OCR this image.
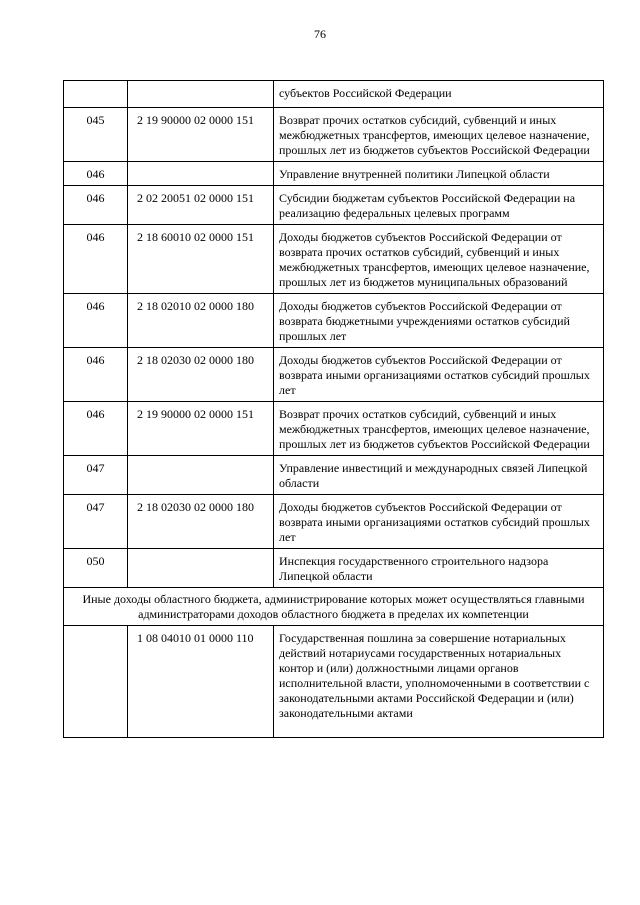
76
		субъектов Российской Федерации
045	2 19 90000 02 0000 151	Возврат прочих остатков субсидий, субвенций и иных межбюджетных трансфертов, имеющих целевое назначение, прошлых лет из бюджетов субъектов Российской Федерации
046		Управление внутренней политики Липецкой области
046	2 02 20051 02 0000 151	Субсидии бюджетам субъектов Российской Федерации на реализацию федеральных целевых программ
046	2 18 60010 02 0000 151	Доходы бюджетов субъектов Российской Федерации от возврата прочих остатков субсидий, субвенций и иных межбюджетных трансфертов, имеющих целевое назначение, прошлых лет из бюджетов муниципальных образований
046	2 18 02010 02 0000 180	Доходы бюджетов субъектов Российской Федерации от возврата бюджетными учреждениями остатков субсидий прошлых лет
046	2 18 02030 02 0000 180	Доходы бюджетов субъектов Российской Федерации от возврата иными организациями остатков субсидий прошлых лет
046	2 19 90000 02 0000 151	Возврат прочих остатков субсидий, субвенций и иных межбюджетных трансфертов, имеющих целевое назначение, прошлых лет из бюджетов субъектов Российской Федерации
047		Управление инвестиций и международных связей Липецкой области
047	2 18 02030 02 0000 180	Доходы бюджетов субъектов Российской Федерации от возврата иными организациями остатков субсидий прошлых лет
050		Инспекция государственного строительного надзора Липецкой области
Иные доходы областного бюджета, администрирование которых может осуществляться главными администраторами доходов областного бюджета в пределах их компетенции		
	1 08 04010 01 0000 110	Государственная пошлина за совершение нотариальных действий нотариусами государственных нотариальных контор и (или) должностными лицами органов исполнительной власти, уполномоченными в соответствии с законодательными актами Российской Федерации и (или) законодательными актами
